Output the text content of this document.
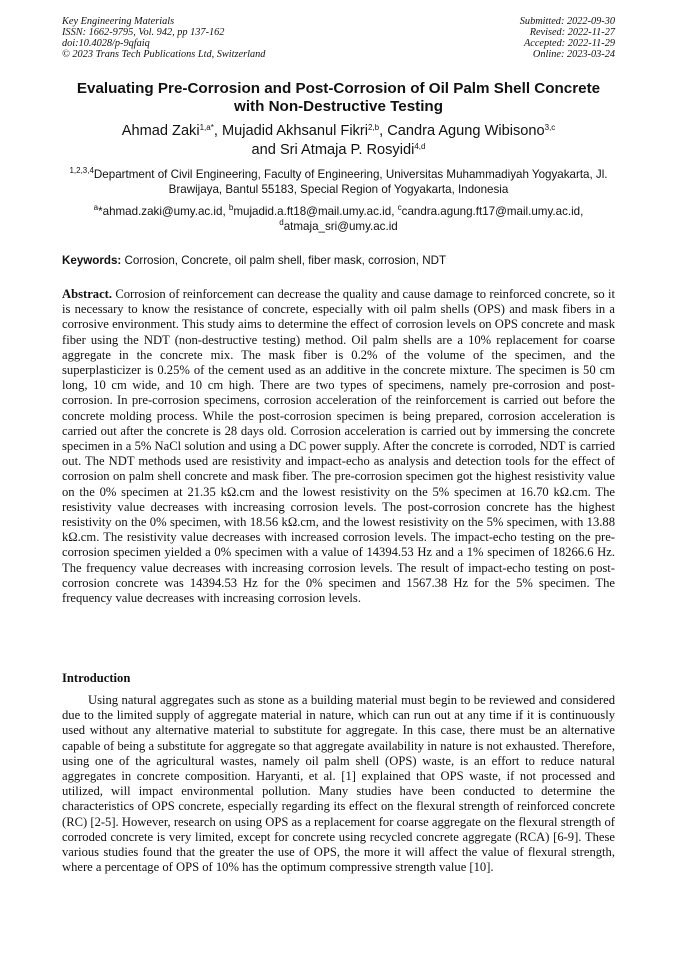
Key Engineering Materials
ISSN: 1662-9795, Vol. 942, pp 137-162
doi:10.4028/p-9qfaiq
© 2023 Trans Tech Publications Ltd, Switzerland
Submitted: 2022-09-30
Revised: 2022-11-27
Accepted: 2022-11-29
Online: 2023-03-24
Evaluating Pre-Corrosion and Post-Corrosion of Oil Palm Shell Concrete with Non-Destructive Testing
Ahmad Zaki$^{1,a*}$, Mujadid Akhsanul Fikri$^{2,b}$, Candra Agung Wibisono$^{3,c}$
and Sri Atmaja P. Rosyidi$^{4,d}$
$^{1,2,3,4}$Department of Civil Engineering, Faculty of Engineering, Universitas Muhammadiyah Yogyakarta, Jl. Brawijaya, Bantul 55183, Special Region of Yogyakarta, Indonesia
$^a$*ahmad.zaki@umy.ac.id, $^b$mujadid.a.ft18@mail.umy.ac.id, $^c$candra.agung.ft17@mail.umy.ac.id,
$^d$atmaja_sri@umy.ac.id
Keywords: Corrosion, Concrete, oil palm shell, fiber mask, corrosion, NDT
Abstract. Corrosion of reinforcement can decrease the quality and cause damage to reinforced concrete, so it is necessary to know the resistance of concrete, especially with oil palm shells (OPS) and mask fibers in a corrosive environment. This study aims to determine the effect of corrosion levels on OPS concrete and mask fiber using the NDT (non-destructive testing) method. Oil palm shells are a 10% replacement for coarse aggregate in the concrete mix. The mask fiber is 0.2% of the volume of the specimen, and the superplasticizer is 0.25% of the cement used as an additive in the concrete mixture. The specimen is 50 cm long, 10 cm wide, and 10 cm high. There are two types of specimens, namely pre-corrosion and post-corrosion. In pre-corrosion specimens, corrosion acceleration of the reinforcement is carried out before the concrete molding process. While the post-corrosion specimen is being prepared, corrosion acceleration is carried out after the concrete is 28 days old. Corrosion acceleration is carried out by immersing the concrete specimen in a 5% NaCl solution and using a DC power supply. After the concrete is corroded, NDT is carried out. The NDT methods used are resistivity and impact-echo as analysis and detection tools for the effect of corrosion on palm shell concrete and mask fiber. The pre-corrosion specimen got the highest resistivity value on the 0% specimen at 21.35 kΩ.cm and the lowest resistivity on the 5% specimen at 16.70 kΩ.cm. The resistivity value decreases with increasing corrosion levels. The post-corrosion concrete has the highest resistivity on the 0% specimen, with 18.56 kΩ.cm, and the lowest resistivity on the 5% specimen, with 13.88 kΩ.cm. The resistivity value decreases with increased corrosion levels. The impact-echo testing on the pre-corrosion specimen yielded a 0% specimen with a value of 14394.53 Hz and a 1% specimen of 18266.6 Hz. The frequency value decreases with increasing corrosion levels. The result of impact-echo testing on post-corrosion concrete was 14394.53 Hz for the 0% specimen and 1567.38 Hz for the 5% specimen. The frequency value decreases with increasing corrosion levels.
Introduction
Using natural aggregates such as stone as a building material must begin to be reviewed and considered due to the limited supply of aggregate material in nature, which can run out at any time if it is continuously used without any alternative material to substitute for aggregate. In this case, there must be an alternative capable of being a substitute for aggregate so that aggregate availability in nature is not exhausted. Therefore, using one of the agricultural wastes, namely oil palm shell (OPS) waste, is an effort to reduce natural aggregates in concrete composition. Haryanti, et al. [1] explained that OPS waste, if not processed and utilized, will impact environmental pollution. Many studies have been conducted to determine the characteristics of OPS concrete, especially regarding its effect on the flexural strength of reinforced concrete (RC) [2-5]. However, research on using OPS as a replacement for coarse aggregate on the flexural strength of corroded concrete is very limited, except for concrete using recycled concrete aggregate (RCA) [6-9]. These various studies found that the greater the use of OPS, the more it will affect the value of flexural strength, where a percentage of OPS of 10% has the optimum compressive strength value [10].
